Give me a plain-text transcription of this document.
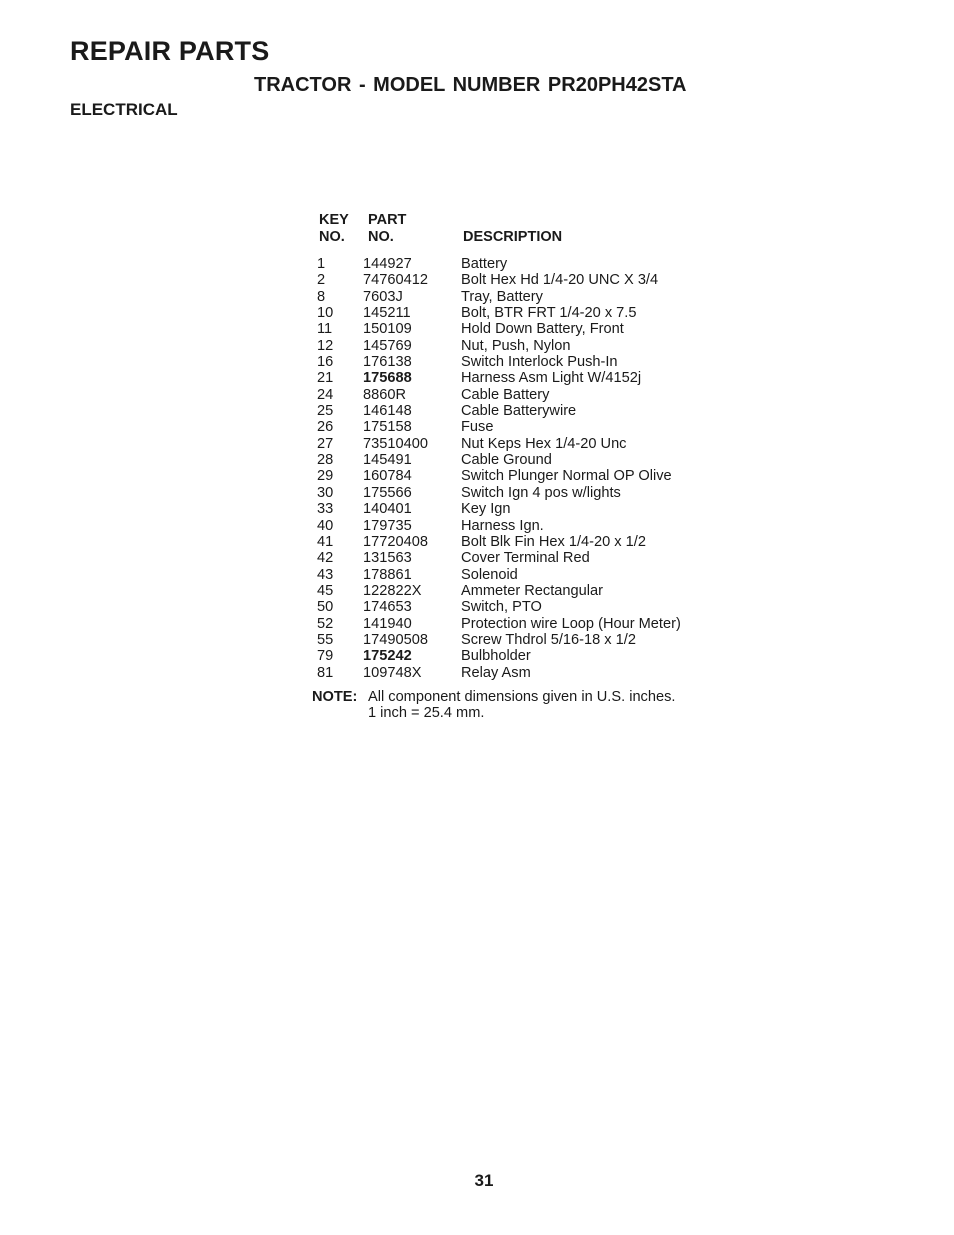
REPAIR PARTS
TRACTOR - MODEL NUMBER PR20PH42STA
ELECTRICAL
KEY
NO.
PART
NO.	DESCRIPTION
1	144927	Battery
2	74760412 Bolt Hex Hd 1/4-20 UNC X 3/4
8	7603J	Tray, Battery
10 145211	Bolt, BTR FRT 1/4-20 x 7.5
11 150109	Hold Down Battery, Front
12 145769	Nut, Push, Nylon
16 176138	Switch Interlock Push-In
21 175688	Harness Asm Light W/4152j
24 8860R	Cable Battery
25 146148	Cable Batterywire
26 175158	Fuse
27 73510400 Nut Keps Hex 1/4-20 Unc
28 145491	Cable Ground
29 160784	Switch Plunger Normal OP Olive
30 175566	Switch Ign 4 pos w/lights
33 140401	Key Ign
40 179735	Harness Ign.
41 17720408 Bolt Blk Fin Hex 1/4-20 x 1/2
42 131563	Cover Terminal Red
43 178861	Solenoid
45 122822X	Ammeter Rectangular
50 174653	Switch, PTO
52 141940	Protection wire Loop (Hour Meter)
55 17490508 Screw Thdrol 5/16-18 x 1/2
79 175242	Bulbholder
81 109748X	Relay Asm
NOTE: All component dimensions given in U.S. inches.
1 inch = 25.4 mm.
31
